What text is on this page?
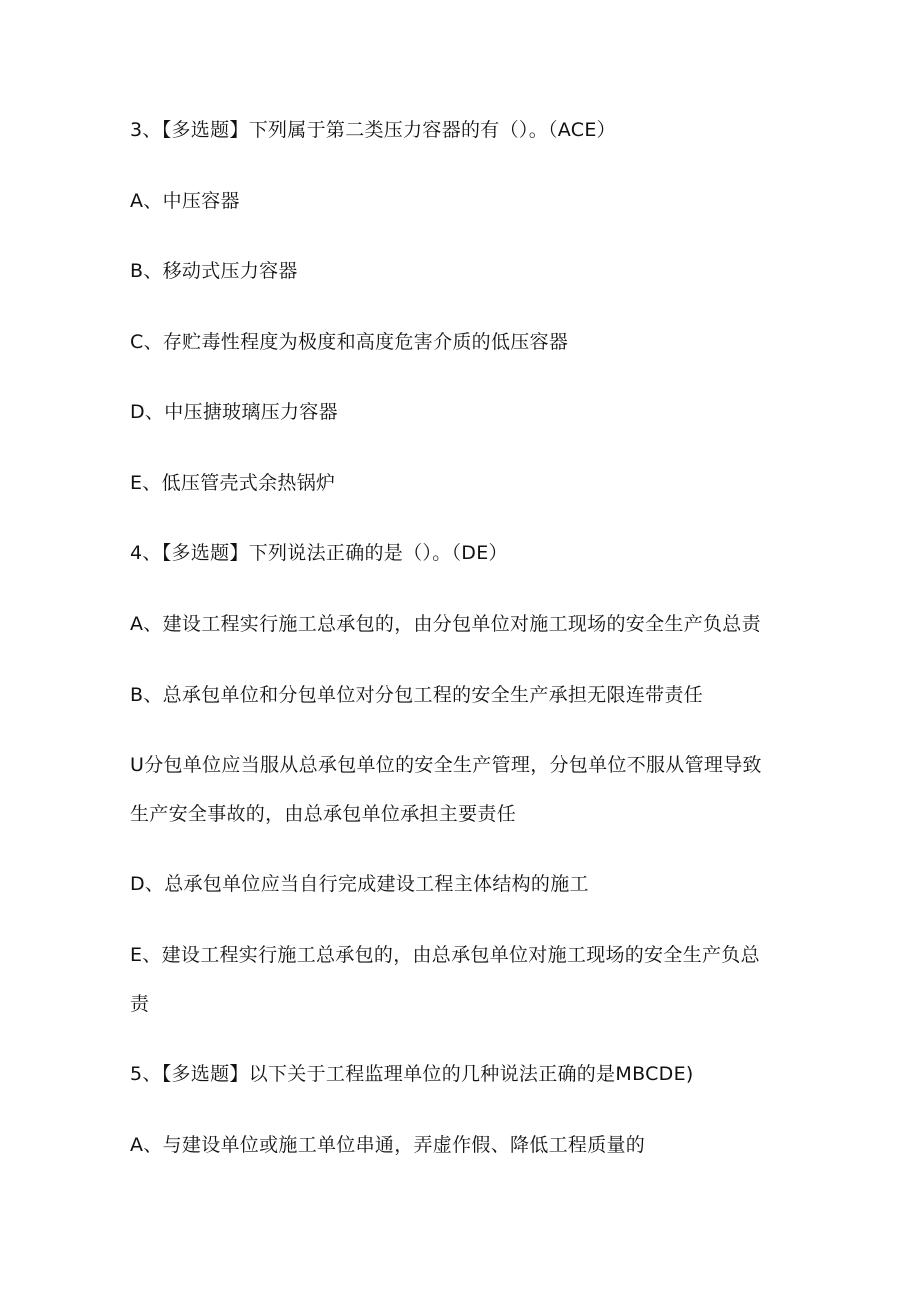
3、【多选题】下列属于第二类压力容器的有（）。（ACE）
A、中压容器
B、移动式压力容器
C、存贮毒性程度为极度和高度危害介质的低压容器
D、中压搪玻璃压力容器
E、低压管壳式余热锅炉
4、【多选题】下列说法正确的是（）。（DE）
A、建设工程实行施工总承包的，由分包单位对施工现场的安全生产负总责
B、总承包单位和分包单位对分包工程的安全生产承担无限连带责任
U分包单位应当服从总承包单位的安全生产管理，分包单位不服从管理导致
生产安全事故的，由总承包单位承担主要责任
D、总承包单位应当自行完成建设工程主体结构的施工
E、建设工程实行施工总承包的，由总承包单位对施工现场的安全生产负总
责
5、【多选题】以下关于工程监理单位的几种说法正确的是MBCDE)
A、与建设单位或施工单位串通，弄虚作假、降低工程质量的
